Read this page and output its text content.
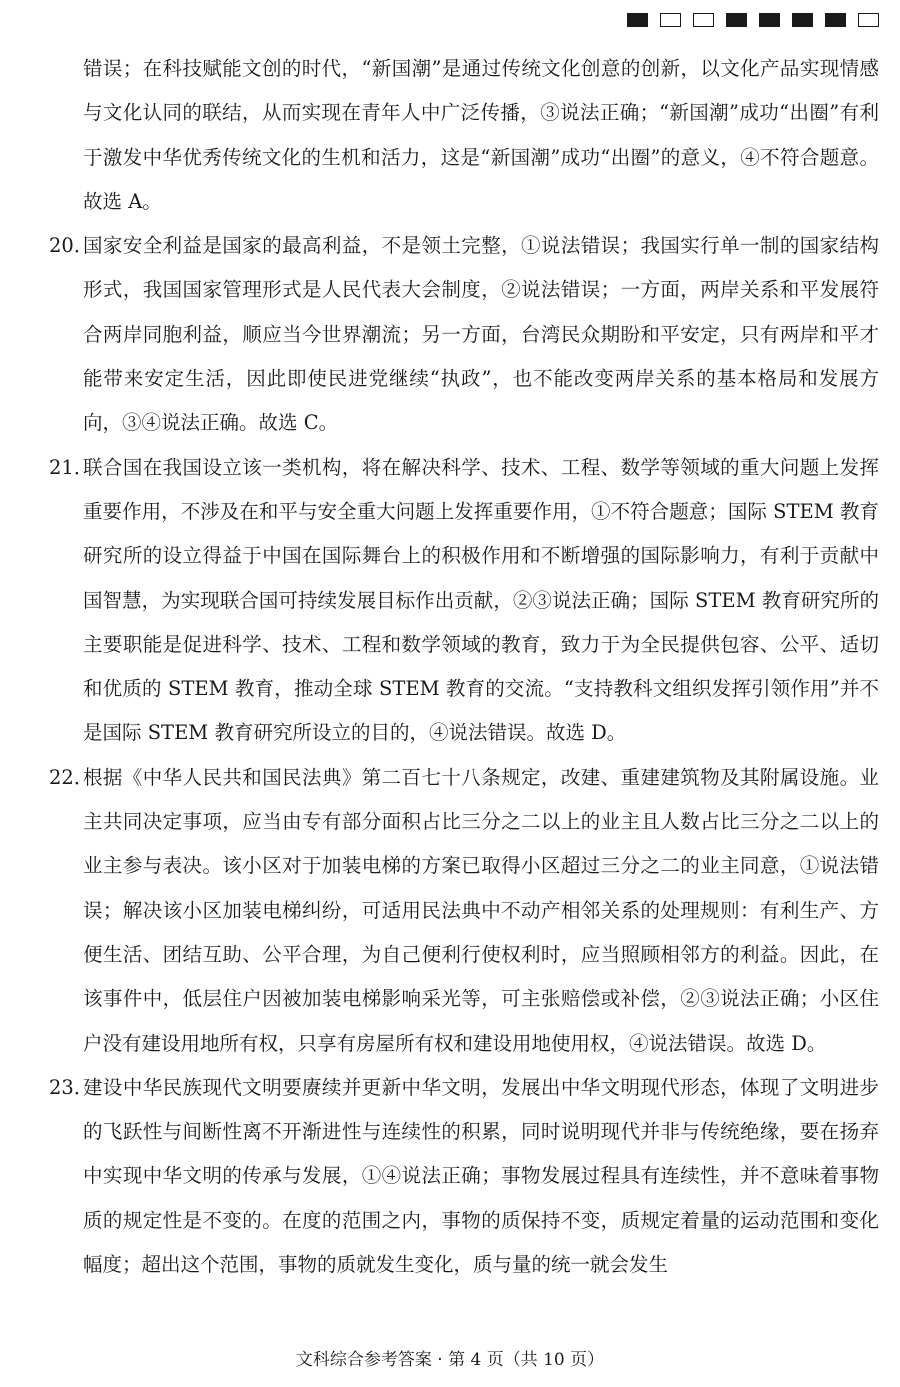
错误；在科技赋能文创的时代，“新国潮”是通过传统文化创意的创新，以文化产品实现情感与文化认同的联结，从而实现在青年人中广泛传播，③说法正确；“新国潮”成功“出圈”有利于激发中华优秀传统文化的生机和活力，这是“新国潮”成功“出圈”的意义，④不符合题意。故选 A。

20．
国家安全利益是国家的最高利益，不是领土完整，①说法错误；我国实行单一制的国家结构形式，我国国家管理形式是人民代表大会制度，②说法错误；一方面，两岸关系和平发展符合两岸同胞利益，顺应当今世界潮流；另一方面，台湾民众期盼和平安定，只有两岸和平才能带来安定生活，因此即使民进党继续“执政”，也不能改变两岸关系的基本格局和发展方向，③④说法正确。故选 C。

21．
联合国在我国设立该一类机构，将在解决科学、技术、工程、数学等领域的重大问题上发挥重要作用，不涉及在和平与安全重大问题上发挥重要作用，①不符合题意；国际 STEM 教育研究所的设立得益于中国在国际舞台上的积极作用和不断增强的国际影响力，有利于贡献中国智慧，为实现联合国可持续发展目标作出贡献，②③说法正确；国际 STEM 教育研究所的主要职能是促进科学、技术、工程和数学领域的教育，致力于为全民提供包容、公平、适切和优质的 STEM 教育，推动全球 STEM 教育的交流。“支持教科文组织发挥引领作用”并不是国际 STEM 教育研究所设立的目的，④说法错误。故选 D。

22．
根据《中华人民共和国民法典》第二百七十八条规定，改建、重建建筑物及其附属设施。业主共同决定事项，应当由专有部分面积占比三分之二以上的业主且人数占比三分之二以上的业主参与表决。该小区对于加装电梯的方案已取得小区超过三分之二的业主同意，①说法错误；解决该小区加装电梯纠纷，可适用民法典中不动产相邻关系的处理规则：有利生产、方便生活、团结互助、公平合理，为自己便利行使权利时，应当照顾相邻方的利益。因此，在该事件中，低层住户因被加装电梯影响采光等，可主张赔偿或补偿，②③说法正确；小区住户没有建设用地所有权，只享有房屋所有权和建设用地使用权，④说法错误。故选 D。

23．
建设中华民族现代文明要赓续并更新中华文明，发展出中华文明现代形态，体现了文明进步的飞跃性与间断性离不开渐进性与连续性的积累，同时说明现代并非与传统绝缘，要在扬弃中实现中华文明的传承与发展，①④说法正确；事物发展过程具有连续性，并不意味着事物质的规定性是不变的。在度的范围之内，事物的质保持不变，质规定着量的运动范围和变化幅度；超出这个范围，事物的质就发生变化，质与量的统一就会发生

文科综合参考答案 · 第 4 页（共 10 页）
